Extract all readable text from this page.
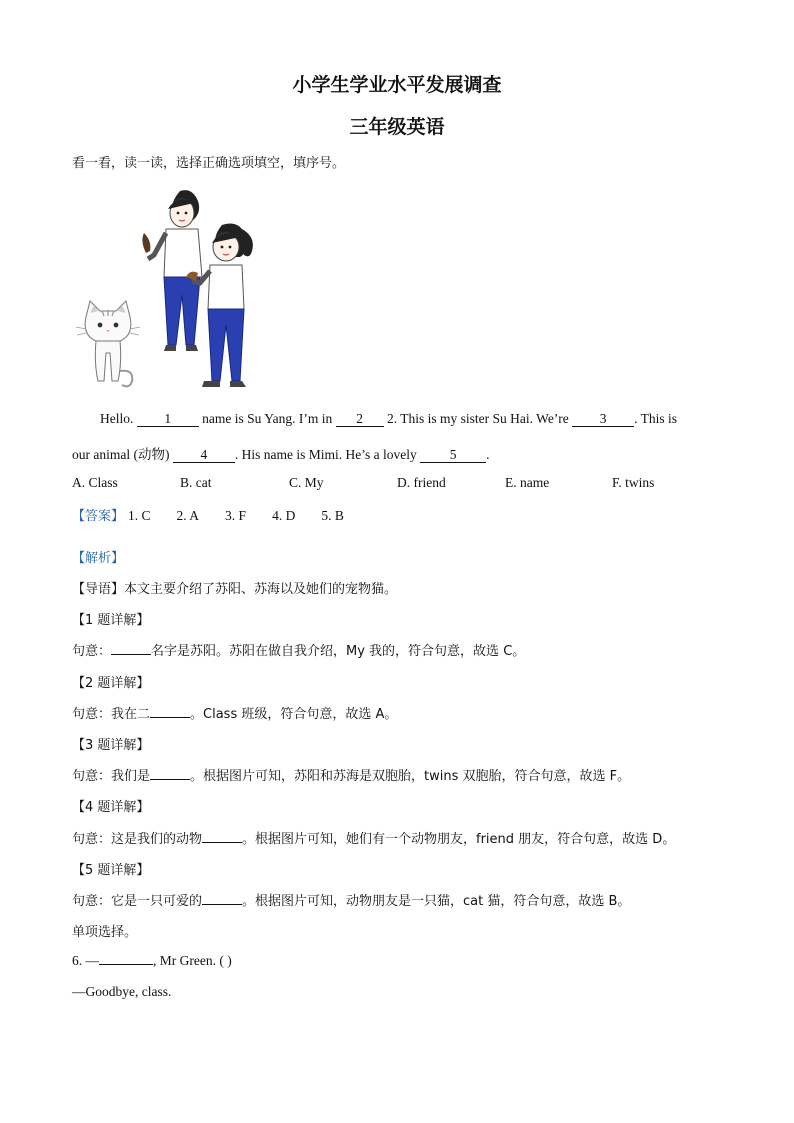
小学生学业水平发展调查
三年级英语
看一看，读一读，选择正确选项填空，填序号。
Hello. 1 name is Su Yang. I’m in 2 2. This is my sister Su Hai. We’re 3 . This is
our animal (动物) 4 . His name is Mimi. He’s a lovely 5 .
A. Class	B. cat	C. My	D. friend	E. name	F. twins
【答案】 1. C 2. A 3. F 4. D 5. B
【解析】
【导语】本文主要介绍了苏阳、苏海以及她们的宠物猫。
【1 题详解】
句意：	名字是苏阳。苏阳在做自我介绍，My 我的，符合句意，故选 C。
【2 题详解】
句意：我在二	。Class 班级，符合句意，故选 A。
【3 题详解】
句意：我们是	。根据图片可知，苏阳和苏海是双胞胎，twins 双胞胎，符合句意，故选 F。
【4 题详解】
句意：这是我们的动物	。根据图片可知，她们有一个动物朋友，friend 朋友，符合句意，故选 D。
【5 题详解】
句意：它是一只可爱的	。根据图片可知，动物朋友是一只猫，cat 猫，符合句意，故选 B。
单项选择。
6. —	, Mr Green. ( )
—Goodbye, class.
